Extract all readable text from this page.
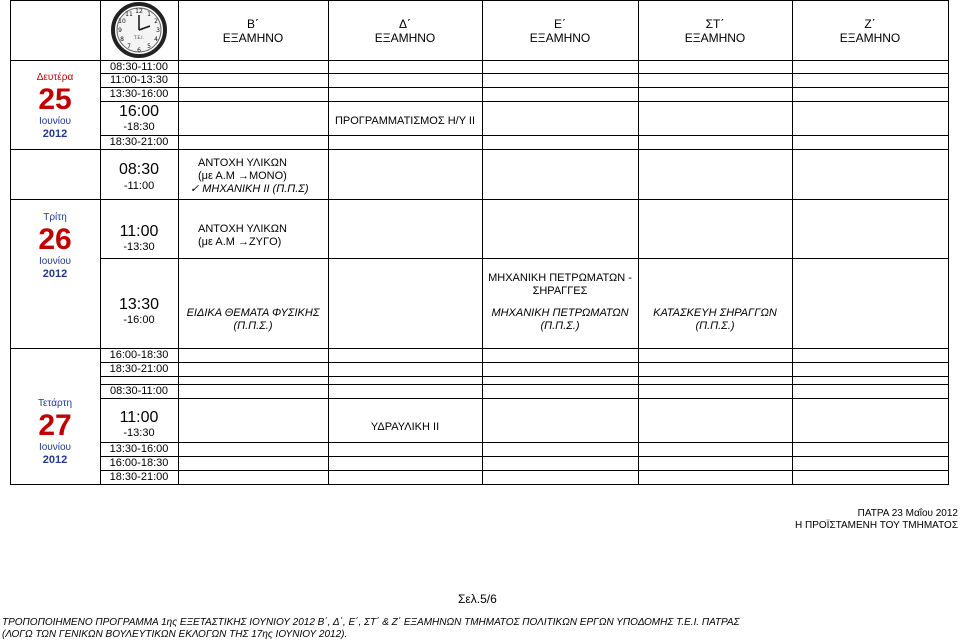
12 1
2
3
4
5
6
7
8
9
10
11
T.E.I.
Β΄
ΕΞΑΜΗΝΟ
Δ΄
ΕΞΑΜΗΝΟ
Ε΄
ΕΞΑΜΗΝΟ
ΣΤ΄
ΕΞΑΜΗΝΟ
Ζ΄
ΕΞΑΜΗΝΟ
Δευτέρα
25
Ιουνίου
2012
08:30-11:00
11:00-13:30
13:30-16:00
16:00
-18:30
18:30-21:00
ΠΡΟΓΡΑΜΜΑΤΙΣΜΟΣ Η/Υ ΙΙ
08:30
-11:00
ΑΝΤΟΧΗ ΥΛΙΚΩΝ
(με Α.Μ →ΜΟΝΟ)
✓ ΜΗΧΑΝΙΚΗ ΙΙ (Π.Π.Σ)
Τρίτη
26
Ιουνίου
2012
11:00
-13:30
ΑΝΤΟΧΗ ΥΛΙΚΩΝ
(με Α.Μ →ΖΥΓΟ)
13:30
-16:00
ΕΙΔΙΚΑ ΘΕΜΑΤΑ ΦΥΣΙΚΗΣ
(Π.Π.Σ.)
ΜΗΧΑΝΙΚΗ ΠΕΤΡΩΜΑΤΩΝ -
ΣΗΡΑΓΓΕΣ
ΜΗΧΑΝΙΚΗ ΠΕΤΡΩΜΑΤΩΝ
(Π.Π.Σ.)
ΚΑΤΑΣΚΕΥΗ ΣΗΡΑΓΓΩΝ
(Π.Π.Σ.)
16:00-18:30
18:30-21:00
Τετάρτη
27
Ιουνίου
2012
08:30-11:00
11:00
-13:30
13:30-16:00
16:00-18:30
18:30-21:00
ΥΔΡΑΥΛΙΚΗ ΙΙ
ΠΑΤΡΑ 23 Μαΐου 2012
Η ΠΡΟΪΣΤΑΜΕΝΗ ΤΟΥ ΤΜΗΜΑΤΟΣ
Σελ.5/6
ΤΡΟΠΟΠΟΙΗΜΕΝΟ ΠΡΟΓΡΑΜΜΑ 1ης ΕΞΕΤΑΣΤΙΚΗΣ ΙΟΥΝΙΟΥ 2012 Β΄, Δ΄, Ε΄, ΣΤ΄ & Ζ΄ ΕΞΑΜΗΝΩΝ ΤΜΗΜΑΤΟΣ ΠΟΛΙΤΙΚΩΝ ΕΡΓΩΝ ΥΠΟΔΟΜΗΣ Τ.Ε.Ι. ΠΑΤΡΑΣ
(ΛΟΓΩ ΤΩΝ ΓΕΝΙΚΩΝ ΒΟΥΛΕΥΤΙΚΩΝ ΕΚΛΟΓΩΝ ΤΗΣ 17ης ΙΟΥΝΙΟΥ 2012).
